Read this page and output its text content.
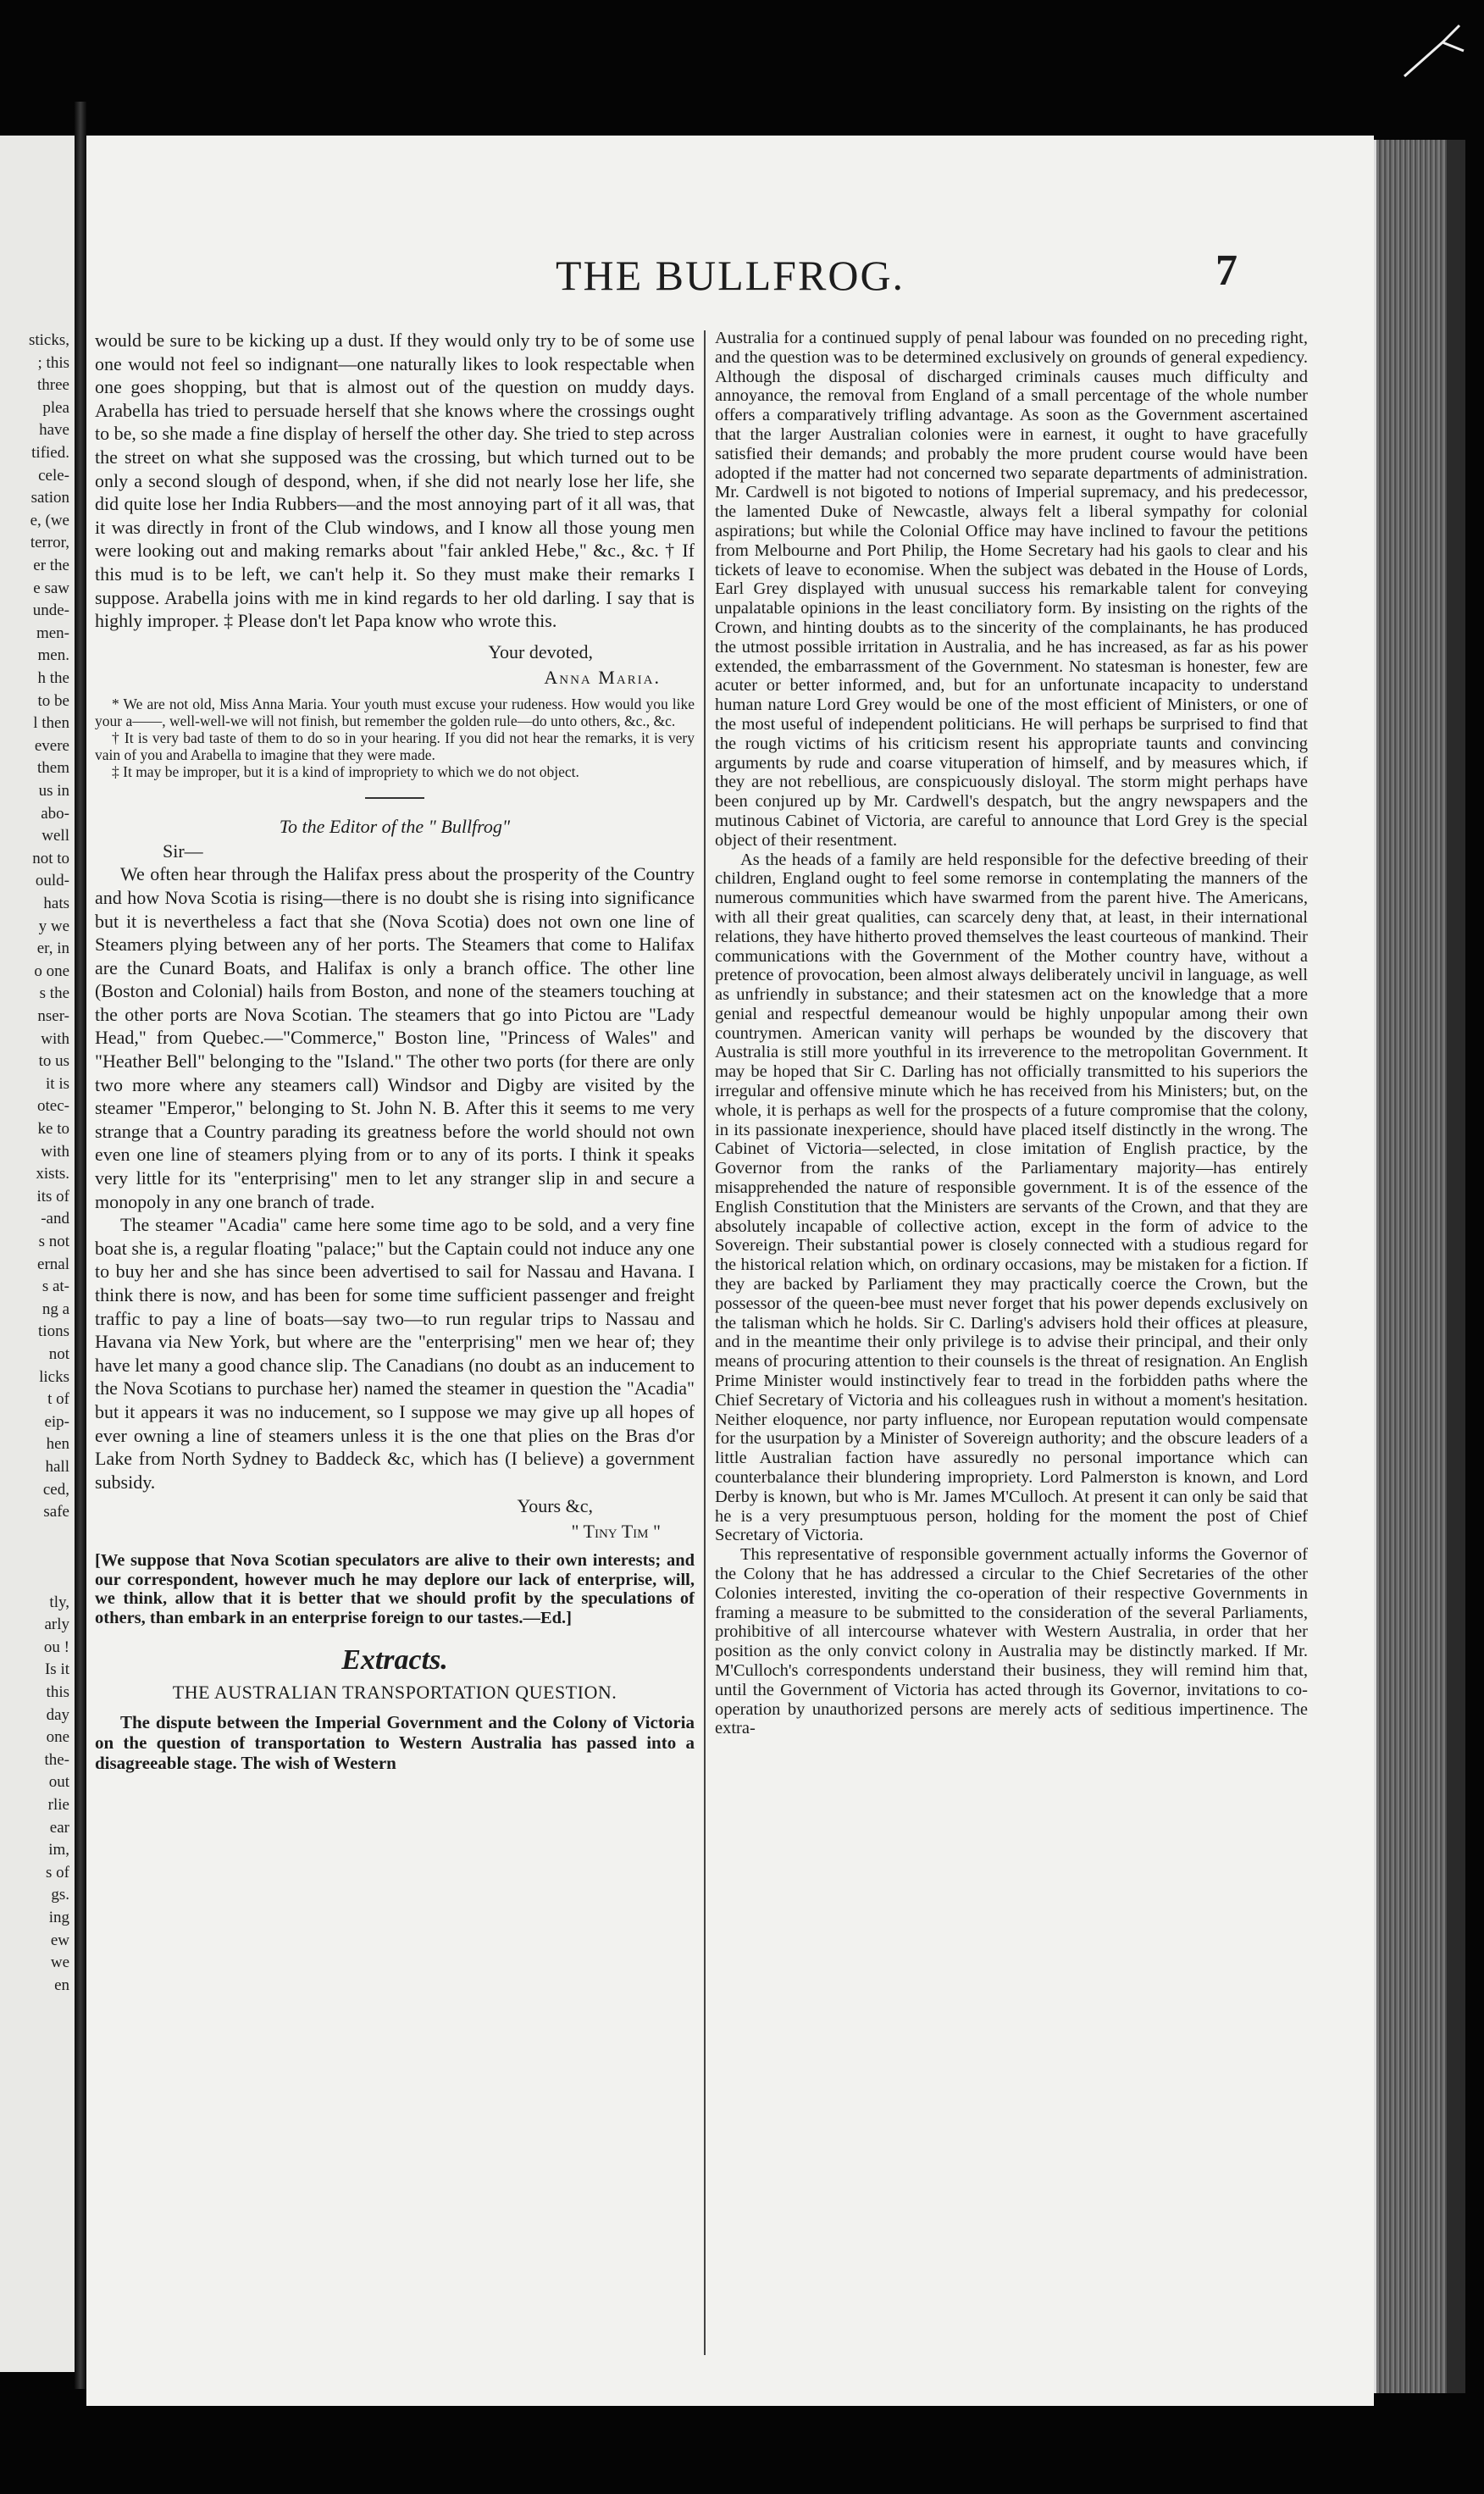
sticks,
; this
three
plea
have
tified.
cele-
sation
e, (we
terror,
er the
e saw
unde-
men-
men.
h the
to be
l then
evere
them
us in
abo-
well
not to
ould-
hats
y we
er, in
o one
s the
nser-
with
to us
it is
otec-
ke to
with
xists.
its of
-and
s not
ernal
s at-
ng a
tions
not
licks
t of
eip-
hen
hall
ced,
safe
tly,
arly
ou !
Is it
this
day
one
the-
out
rlie
ear
im,
s of
gs.
ing
ew
we
en
THE BULLFROG.	7

would be sure to be kicking up a dust. If they would only try to be of some use one would not feel so indignant—one naturally likes to look respectable when one goes shopping, but that is almost out of the question on muddy days. Arabella has tried to persuade herself that she knows where the crossings ought to be, so she made a fine display of herself the other day. She tried to step across the street on what she supposed was the crossing, but which turned out to be only a second slough of despond, when, if she did not nearly lose her life, she did quite lose her India Rubbers—and the most annoying part of it all was, that it was directly in front of the Club windows, and I know all those young men were looking out and making remarks about "fair ankled Hebe," &c., &c. † If this mud is to be left, we can't help it. So they must make their remarks I suppose. Arabella joins with me in kind regards to her old darling. I say that is highly improper. ‡ Please don't let Papa know who wrote this.

Your devoted,

Anna Maria.

* We are not old, Miss Anna Maria. Your youth must excuse your rudeness. How would you like your a——, well-well-we will not finish, but remember the golden rule—do unto others, &c., &c.

† It is very bad taste of them to do so in your hearing. If you did not hear the remarks, it is very vain of you and Arabella to imagine that they were made.

‡ It may be improper, but it is a kind of impropriety to which we do not object.

To the Editor of the " Bullfrog"

Sir—

We often hear through the Halifax press about the prosperity of the Country and how Nova Scotia is rising—there is no doubt she is rising into significance but it is nevertheless a fact that she (Nova Scotia) does not own one line of Steamers plying between any of her ports. The Steamers that come to Halifax are the Cunard Boats, and Halifax is only a branch office. The other line (Boston and Colonial) hails from Boston, and none of the steamers touching at the other ports are Nova Scotian. The steamers that go into Pictou are "Lady Head," from Quebec.—"Commerce," Boston line, "Princess of Wales" and "Heather Bell" belonging to the "Island." The other two ports (for there are only two more where any steamers call) Windsor and Digby are visited by the steamer "Emperor," belonging to St. John N. B. After this it seems to me very strange that a Country parading its greatness before the world should not own even one line of steamers plying from or to any of its ports. I think it speaks very little for its "enterprising" men to let any stranger slip in and secure a monopoly in any one branch of trade.

The steamer "Acadia" came here some time ago to be sold, and a very fine boat she is, a regular floating "palace;" but the Captain could not induce any one to buy her and she has since been advertised to sail for Nassau and Havana. I think there is now, and has been for some time sufficient passenger and freight traffic to pay a line of boats—say two—to run regular trips to Nassau and Havana via New York, but where are the "enterprising" men we hear of; they have let many a good chance slip. The Canadians (no doubt as an inducement to the Nova Scotians to purchase her) named the steamer in question the "Acadia" but it appears it was no inducement, so I suppose we may give up all hopes of ever owning a line of steamers unless it is the one that plies on the Bras d'or Lake from North Sydney to Baddeck &c, which has (I believe) a government subsidy.

Yours &c,

" Tiny Tim "

[We suppose that Nova Scotian speculators are alive to their own interests; and our correspondent, however much he may deplore our lack of enterprise, will, we think, allow that it is better that we should profit by the speculations of others, than embark in an enterprise foreign to our tastes.—Ed.]

Extracts.
THE AUSTRALIAN TRANSPORTATION QUESTION.

The dispute between the Imperial Government and the Colony of Victoria on the question of transportation to Western Australia has passed into a disagreeable stage. The wish of Western

Australia for a continued supply of penal labour was founded on no preceding right, and the question was to be determined exclusively on grounds of general expediency. Although the disposal of discharged criminals causes much difficulty and annoyance, the removal from England of a small percentage of the whole number offers a comparatively trifling advantage. As soon as the Government ascertained that the larger Australian colonies were in earnest, it ought to have gracefully satisfied their demands; and probably the more prudent course would have been adopted if the matter had not concerned two separate departments of administration. Mr. Cardwell is not bigoted to notions of Imperial supremacy, and his predecessor, the lamented Duke of Newcastle, always felt a liberal sympathy for colonial aspirations; but while the Colonial Office may have inclined to favour the petitions from Melbourne and Port Philip, the Home Secretary had his gaols to clear and his tickets of leave to economise. When the subject was debated in the House of Lords, Earl Grey displayed with unusual success his remarkable talent for conveying unpalatable opinions in the least conciliatory form. By insisting on the rights of the Crown, and hinting doubts as to the sincerity of the complainants, he has produced the utmost possible irritation in Australia, and he has increased, as far as his power extended, the embarrassment of the Government. No statesman is honester, few are acuter or better informed, and, but for an unfortunate incapacity to understand human nature Lord Grey would be one of the most efficient of Ministers, or one of the most useful of independent politicians. He will perhaps be surprised to find that the rough victims of his criticism resent his appropriate taunts and convincing arguments by rude and coarse vituperation of himself, and by measures which, if they are not rebellious, are conspicuously disloyal. The storm might perhaps have been conjured up by Mr. Cardwell's despatch, but the angry newspapers and the mutinous Cabinet of Victoria, are careful to announce that Lord Grey is the special object of their resentment.

As the heads of a family are held responsible for the defective breeding of their children, England ought to feel some remorse in contemplating the manners of the numerous communities which have swarmed from the parent hive. The Americans, with all their great qualities, can scarcely deny that, at least, in their international relations, they have hitherto proved themselves the least courteous of mankind. Their communications with the Government of the Mother country have, without a pretence of provocation, been almost always deliberately uncivil in language, as well as unfriendly in substance; and their statesmen act on the knowledge that a more genial and respectful demeanour would be highly unpopular among their own countrymen. American vanity will perhaps be wounded by the discovery that Australia is still more youthful in its irreverence to the metropolitan Government. It may be hoped that Sir C. Darling has not officially transmitted to his superiors the irregular and offensive minute which he has received from his Ministers; but, on the whole, it is perhaps as well for the prospects of a future compromise that the colony, in its passionate inexperience, should have placed itself distinctly in the wrong. The Cabinet of Victoria—selected, in close imitation of English practice, by the Governor from the ranks of the Parliamentary majority—has entirely misapprehended the nature of responsible government. It is of the essence of the English Constitution that the Ministers are servants of the Crown, and that they are absolutely incapable of collective action, except in the form of advice to the Sovereign. Their substantial power is closely connected with a studious regard for the historical relation which, on ordinary occasions, may be mistaken for a fiction. If they are backed by Parliament they may practically coerce the Crown, but the possessor of the queen-bee must never forget that his power depends exclusively on the talisman which he holds. Sir C. Darling's advisers hold their offices at pleasure, and in the meantime their only privilege is to advise their principal, and their only means of procuring attention to their counsels is the threat of resignation. An English Prime Minister would instinctively fear to tread in the forbidden paths where the Chief Secretary of Victoria and his colleagues rush in without a moment's hesitation. Neither eloquence, nor party influence, nor European reputation would compensate for the usurpation by a Minister of Sovereign authority; and the obscure leaders of a little Australian faction have assuredly no personal importance which can counterbalance their blundering impropriety. Lord Palmerston is known, and Lord Derby is known, but who is Mr. James M'Culloch. At present it can only be said that he is a very presumptuous person, holding for the moment the post of Chief Secretary of Victoria.

This representative of responsible government actually informs the Governor of the Colony that he has addressed a circular to the Chief Secretaries of the other Colonies interested, inviting the co-operation of their respective Governments in framing a measure to be submitted to the consideration of the several Parliaments, prohibitive of all intercourse whatever with Western Australia, in order that her position as the only convict colony in Australia may be distinctly marked. If Mr. M'Culloch's correspondents understand their business, they will remind him that, until the Government of Victoria has acted through its Governor, invitations to co-operation by unauthorized persons are merely acts of seditious impertinence. The extra-
